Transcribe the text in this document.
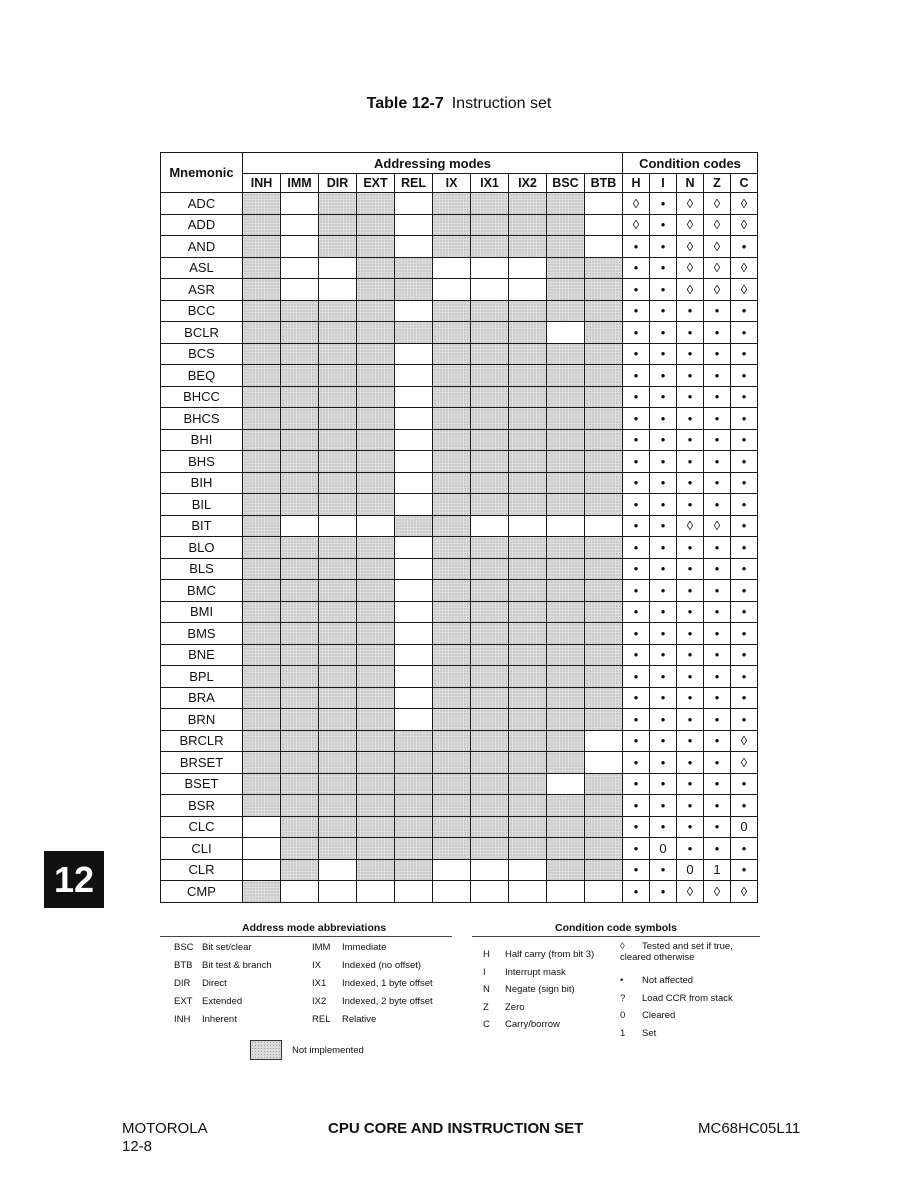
Table 12-7 Instruction set
Mnemonic	Addressing modes										Condition codes				
	INH	IMM	DIR	EXT	REL	IX	IX1	IX2	BSC	BTB	H	I	N	Z	C
ADC											◊	•	◊	◊	◊
ADD											◊	•	◊	◊	◊
AND											•	•	◊	◊	•
ASL											•	•	◊	◊	◊
ASR											•	•	◊	◊	◊
BCC											•	•	•	•	•
BCLR											•	•	•	•	•
BCS											•	•	•	•	•
BEQ											•	•	•	•	•
BHCC											•	•	•	•	•
BHCS											•	•	•	•	•
BHI											•	•	•	•	•
BHS											•	•	•	•	•
BIH											•	•	•	•	•
BIL											•	•	•	•	•
BIT											•	•	◊	◊	•
BLO											•	•	•	•	•
BLS											•	•	•	•	•
BMC											•	•	•	•	•
BMI											•	•	•	•	•
BMS											•	•	•	•	•
BNE											•	•	•	•	•
BPL											•	•	•	•	•
BRA											•	•	•	•	•
BRN											•	•	•	•	•
BRCLR											•	•	•	•	◊
BRSET											•	•	•	•	◊
BSET											•	•	•	•	•
BSR											•	•	•	•	•
CLC											•	•	•	•	0
CLI											•	0	•	•	•
CLR											•	•	0	1	•
CMP											•	•	◊	◊	◊
12
Address mode abbreviations	Condition code symbols
BSC Bit set/clear
BTB Bit test & branch
DIR Direct
EXT Extended
INH Inherent
IMM Immediate
IX Indexed (no offset)
IX1 Indexed, 1 byte offset
IX2 Indexed, 2 byte offset
REL Relative
H Half carry (from bit 3)
I Interrupt mask
N Negate (sign bit)
Z Zero
C Carry/borrow
◊ Tested and set if true, cleared otherwise
• Not affected
? Load CCR from stack
0 Cleared
1 Set
Not implemented
MOTOROLA
12-8
CPU CORE AND INSTRUCTION SET	MC68HC05L11
